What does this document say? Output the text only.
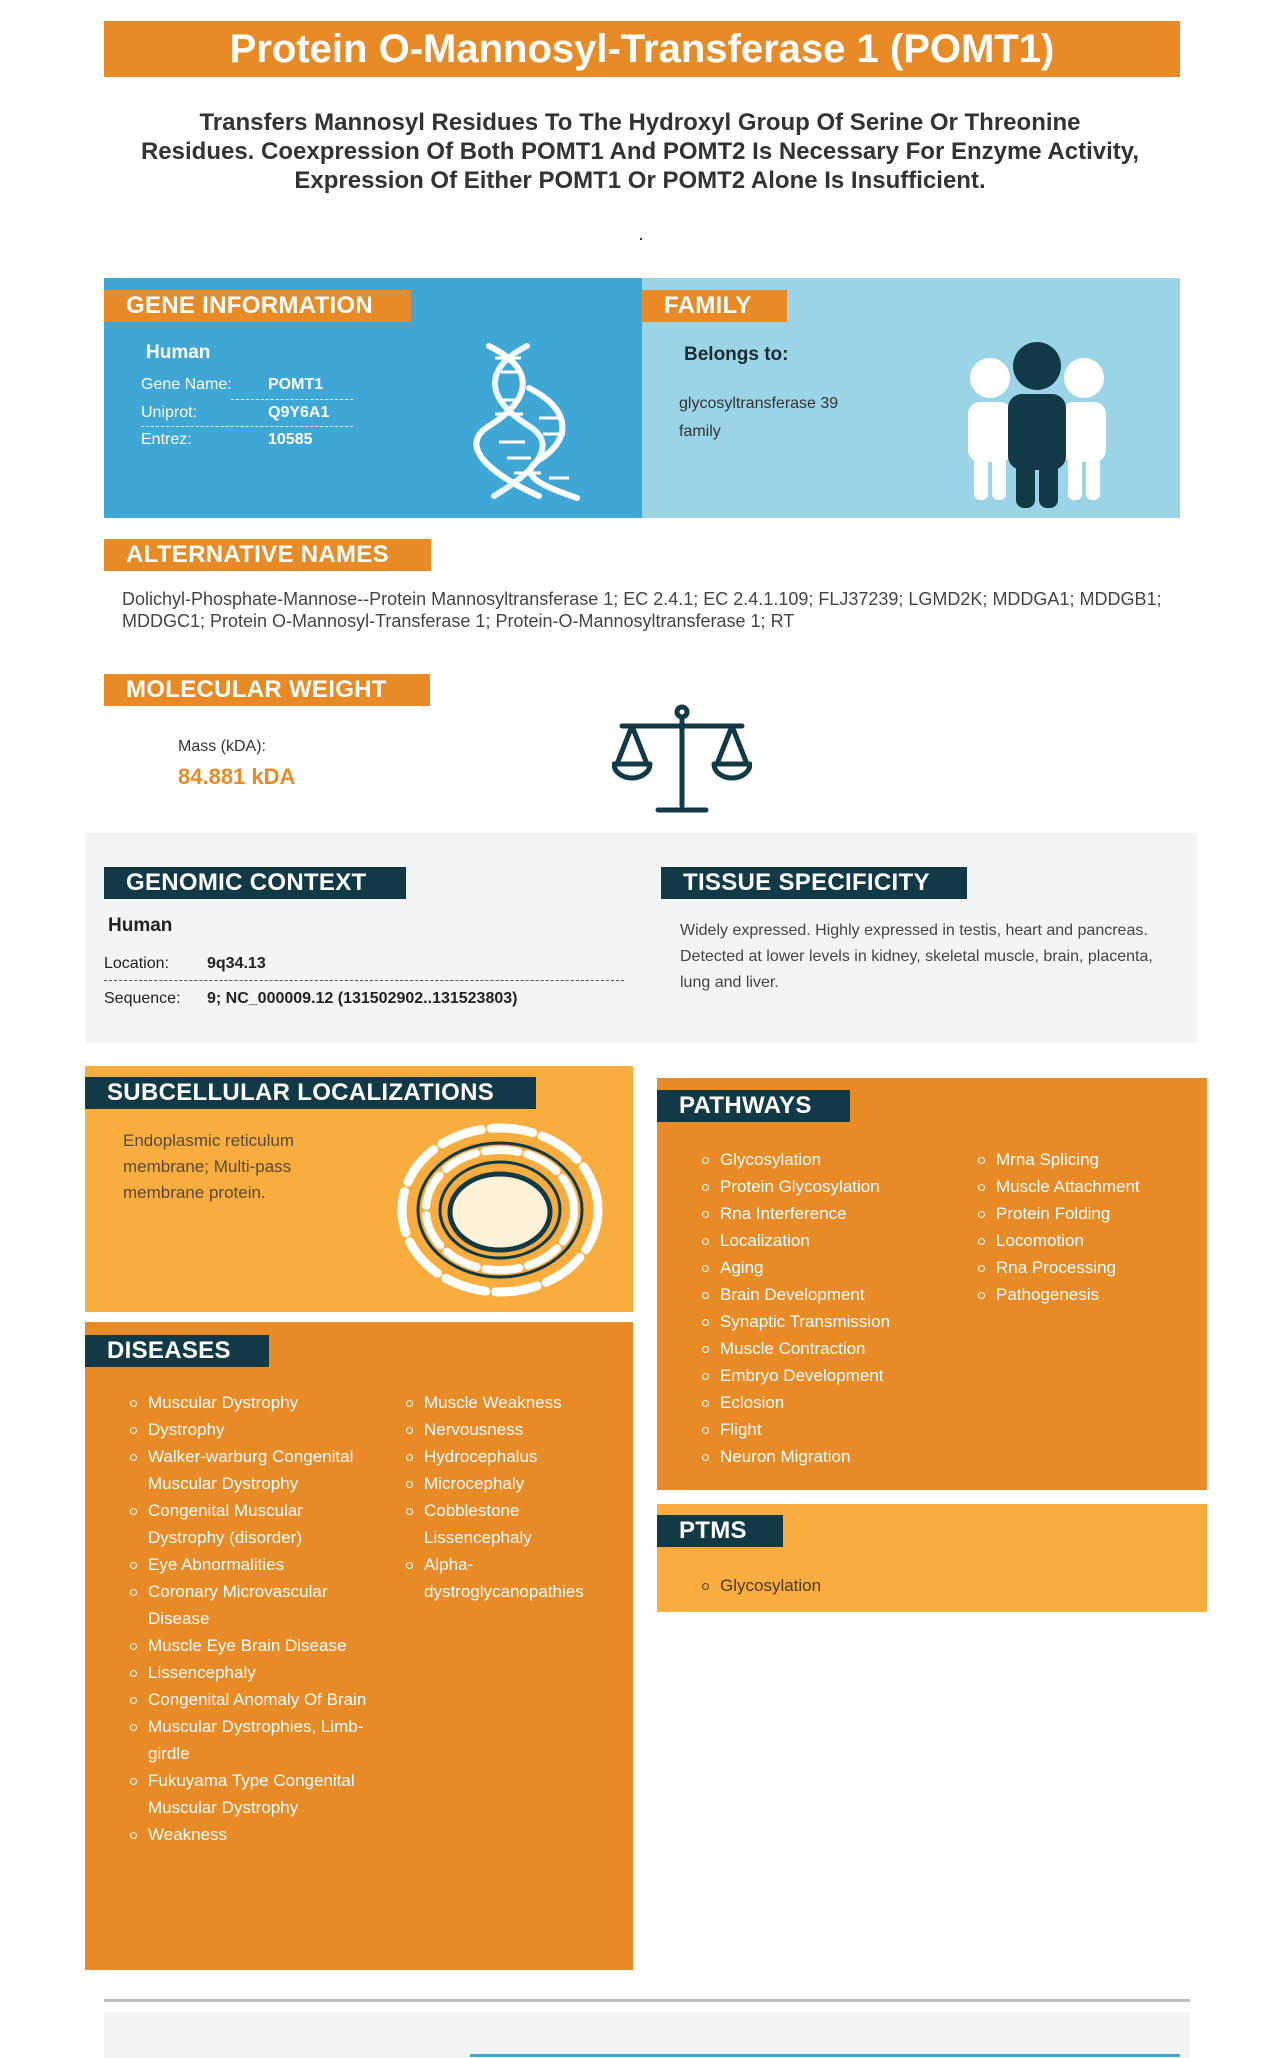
Protein O-Mannosyl-Transferase 1 (POMT1)
Transfers Mannosyl Residues To The Hydroxyl Group Of Serine Or Threonine Residues. Coexpression Of Both POMT1 And POMT2 Is Necessary For Enzyme Activity, Expression Of Either POMT1 Or POMT2 Alone Is Insufficient.
GENE INFORMATION
Human
Gene Name: POMT1
Uniprot:	Q9Y6A1
Entrez:	10585
FAMILY
Belongs to:
glycosyltransferase 39 family
ALTERNATIVE NAMES
Dolichyl-Phosphate-Mannose--Protein Mannosyltransferase 1; EC 2.4.1; EC 2.4.1.109; FLJ37239; LGMD2K; MDDGA1; MDDGB1; MDDGC1; Protein O-Mannosyl-Transferase 1; Protein-O-Mannosyltransferase 1; RT
MOLECULAR WEIGHT
Mass (kDA):
84.881 kDA
GENOMIC CONTEXT
Human
Location: 9q34.13
Sequence: 9; NC_000009.12 (131502902..131523803)
TISSUE SPECIFICITY
Widely expressed. Highly expressed in testis, heart and pancreas. Detected at lower levels in kidney, skeletal muscle, brain, placenta, lung and liver.
SUBCELLULAR LOCALIZATIONS
Endoplasmic reticulum membrane; Multi-pass membrane protein.
DISEASES
Muscular Dystrophy
Dystrophy
Walker-warburg Congenital Muscular Dystrophy
Congenital Muscular Dystrophy (disorder)
Eye Abnormalities
Coronary Microvascular Disease
Muscle Eye Brain Disease
Lissencephaly
Congenital Anomaly Of Brain
Muscular Dystrophies, Limb-girdle
Fukuyama Type Congenital Muscular Dystrophy
Weakness
Muscle Weakness
Nervousness
Hydrocephalus
Microcephaly
Cobblestone Lissencephaly
Alpha-dystroglycanopathies
PATHWAYS
Glycosylation
Protein Glycosylation
Rna Interference
Localization
Aging
Brain Development
Synaptic Transmission
Muscle Contraction
Embryo Development
Eclosion
Flight
Neuron Migration
Mrna Splicing
Muscle Attachment
Protein Folding
Locomotion
Rna Processing
Pathogenesis
PTMS
Glycosylation
